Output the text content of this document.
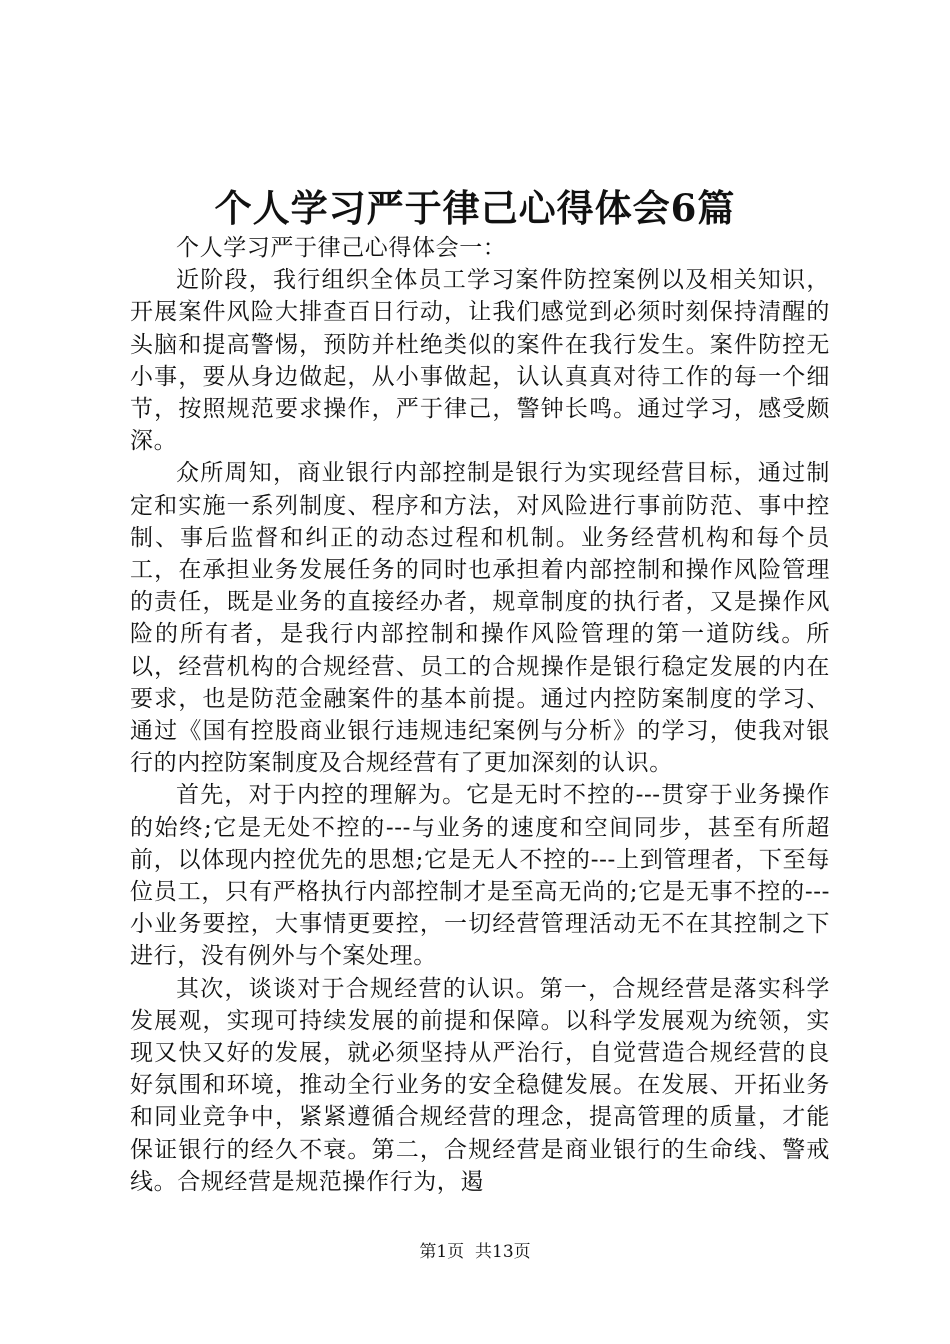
个人学习严于律己心得体会6篇

个人学习严于律己心得体会一：

近阶段，我行组织全体员工学习案件防控案例以及相关知识，开展案件风险大排查百日行动，让我们感觉到必须时刻保持清醒的头脑和提高警惕，预防并杜绝类似的案件在我行发生。案件防控无小事，要从身边做起，从小事做起，认认真真对待工作的每一个细节，按照规范要求操作，严于律己，警钟长鸣。通过学习，感受颇深。

众所周知，商业银行内部控制是银行为实现经营目标，通过制定和实施一系列制度、程序和方法，对风险进行事前防范、事中控制、事后监督和纠正的动态过程和机制。业务经营机构和每个员工，在承担业务发展任务的同时也承担着内部控制和操作风险管理的责任，既是业务的直接经办者，规章制度的执行者，又是操作风险的所有者，是我行内部控制和操作风险管理的第一道防线。所以，经营机构的合规经营、员工的合规操作是银行稳定发展的内在要求，也是防范金融案件的基本前提。通过内控防案制度的学习、通过《国有控股商业银行违规违纪案例与分析》的学习，使我对银行的内控防案制度及合规经营有了更加深刻的认识。

首先，对于内控的理解为。它是无时不控的---贯穿于业务操作的始终;它是无处不控的---与业务的速度和空间同步，甚至有所超前，以体现内控优先的思想;它是无人不控的---上到管理者，下至每位员工，只有严格执行内部控制才是至高无尚的;它是无事不控的---小业务要控，大事情更要控，一切经营管理活动无不在其控制之下进行，没有例外与个案处理。

其次，谈谈对于合规经营的认识。第一，合规经营是落实科学发展观，实现可持续发展的前提和保障。以科学发展观为统领，实现又快又好的发展，就必须坚持从严治行，自觉营造合规经营的良好氛围和环境，推动全行业务的安全稳健发展。在发展、开拓业务和同业竞争中，紧紧遵循合规经营的理念，提高管理的质量，才能保证银行的经久不衰。第二，合规经营是商业银行的生命线、警戒线。合规经营是规范操作行为，遏

第1页 共13页
